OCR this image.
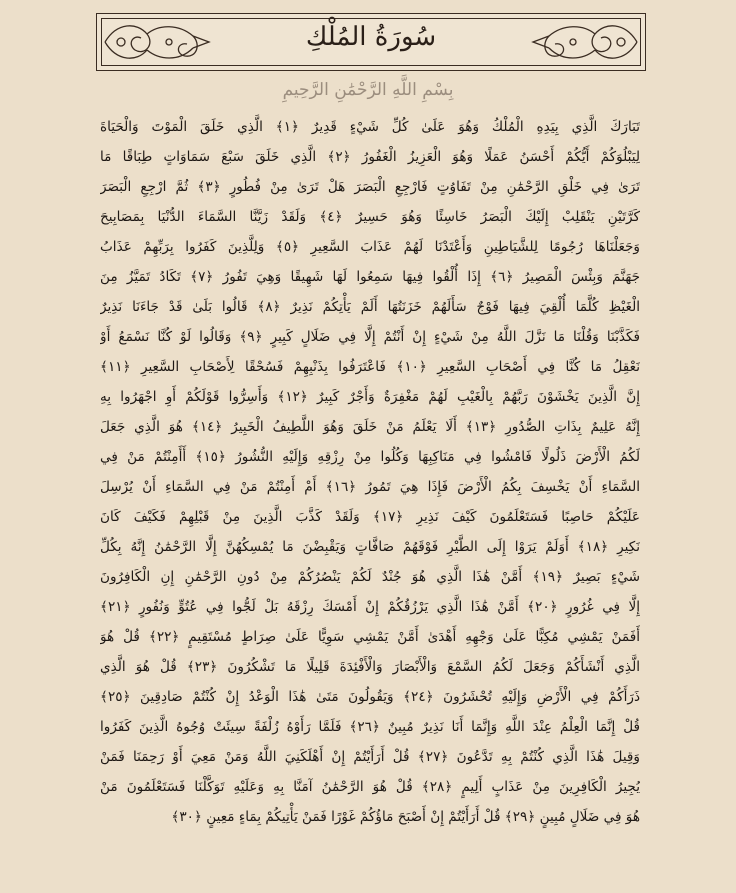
سُورَةُ المُلْكِ
بِسْمِ اللَّهِ الرَّحْمَٰنِ الرَّحِيمِ
تَبَارَكَ الَّذِي بِيَدِهِ الْمُلْكُ وَهُوَ عَلَىٰ كُلِّ شَيْءٍ قَدِيرٌ ﴿١﴾ الَّذِي خَلَقَ الْمَوْتَ وَالْحَيَاةَ
لِيَبْلُوَكُمْ أَيُّكُمْ أَحْسَنُ عَمَلًا وَهُوَ الْعَزِيزُ الْغَفُورُ ﴿٢﴾ الَّذِي خَلَقَ سَبْعَ سَمَاوَاتٍ طِبَاقًا مَا
تَرَىٰ فِي خَلْقِ الرَّحْمَٰنِ مِنْ تَفَاوُتٍ فَارْجِعِ الْبَصَرَ هَلْ تَرَىٰ مِنْ فُطُورٍ ﴿٣﴾ ثُمَّ ارْجِعِ الْبَصَرَ
كَرَّتَيْنِ يَنْقَلِبْ إِلَيْكَ الْبَصَرُ خَاسِئًا وَهُوَ حَسِيرٌ ﴿٤﴾ وَلَقَدْ زَيَّنَّا السَّمَاءَ الدُّنْيَا بِمَصَابِيحَ
وَجَعَلْنَاهَا رُجُومًا لِلشَّيَاطِينِ وَأَعْتَدْنَا لَهُمْ عَذَابَ السَّعِيرِ ﴿٥﴾ وَلِلَّذِينَ كَفَرُوا بِرَبِّهِمْ عَذَابُ
جَهَنَّمَ وَبِئْسَ الْمَصِيرُ ﴿٦﴾ إِذَا أُلْقُوا فِيهَا سَمِعُوا لَهَا شَهِيقًا وَهِيَ تَفُورُ ﴿٧﴾ تَكَادُ تَمَيَّزُ مِنَ
الْغَيْظِ كُلَّمَا أُلْقِيَ فِيهَا فَوْجٌ سَأَلَهُمْ خَزَنَتُهَا أَلَمْ يَأْتِكُمْ نَذِيرٌ ﴿٨﴾ قَالُوا بَلَىٰ قَدْ جَاءَنَا نَذِيرٌ
فَكَذَّبْنَا وَقُلْنَا مَا نَزَّلَ اللَّهُ مِنْ شَيْءٍ إِنْ أَنْتُمْ إِلَّا فِي ضَلَالٍ كَبِيرٍ ﴿٩﴾ وَقَالُوا لَوْ كُنَّا نَسْمَعُ أَوْ
نَعْقِلُ مَا كُنَّا فِي أَصْحَابِ السَّعِيرِ ﴿١٠﴾ فَاعْتَرَفُوا بِذَنْبِهِمْ فَسُحْقًا لِأَصْحَابِ السَّعِيرِ ﴿١١﴾
إِنَّ الَّذِينَ يَخْشَوْنَ رَبَّهُمْ بِالْغَيْبِ لَهُمْ مَغْفِرَةٌ وَأَجْرٌ كَبِيرٌ ﴿١٢﴾ وَأَسِرُّوا قَوْلَكُمْ أَوِ اجْهَرُوا بِهِ
إِنَّهُ عَلِيمٌ بِذَاتِ الصُّدُورِ ﴿١٣﴾ أَلَا يَعْلَمُ مَنْ خَلَقَ وَهُوَ اللَّطِيفُ الْخَبِيرُ ﴿١٤﴾ هُوَ الَّذِي جَعَلَ
لَكُمُ الْأَرْضَ ذَلُولًا فَامْشُوا فِي مَنَاكِبِهَا وَكُلُوا مِنْ رِزْقِهِ وَإِلَيْهِ النُّشُورُ ﴿١٥﴾ أَأَمِنْتُمْ مَنْ فِي
السَّمَاءِ أَنْ يَخْسِفَ بِكُمُ الْأَرْضَ فَإِذَا هِيَ تَمُورُ ﴿١٦﴾ أَمْ أَمِنْتُمْ مَنْ فِي السَّمَاءِ أَنْ يُرْسِلَ
عَلَيْكُمْ حَاصِبًا فَسَتَعْلَمُونَ كَيْفَ نَذِيرِ ﴿١٧﴾ وَلَقَدْ كَذَّبَ الَّذِينَ مِنْ قَبْلِهِمْ فَكَيْفَ كَانَ
نَكِيرِ ﴿١٨﴾ أَوَلَمْ يَرَوْا إِلَى الطَّيْرِ فَوْقَهُمْ صَافَّاتٍ وَيَقْبِضْنَ مَا يُمْسِكُهُنَّ إِلَّا الرَّحْمَٰنُ إِنَّهُ بِكُلِّ
شَيْءٍ بَصِيرٌ ﴿١٩﴾ أَمَّنْ هَٰذَا الَّذِي هُوَ جُنْدٌ لَكُمْ يَنْصُرُكُمْ مِنْ دُونِ الرَّحْمَٰنِ إِنِ الْكَافِرُونَ
إِلَّا فِي غُرُورٍ ﴿٢٠﴾ أَمَّنْ هَٰذَا الَّذِي يَرْزُقُكُمْ إِنْ أَمْسَكَ رِزْقَهُ بَلْ لَجُّوا فِي عُتُوٍّ وَنُفُورٍ ﴿٢١﴾
أَفَمَنْ يَمْشِي مُكِبًّا عَلَىٰ وَجْهِهِ أَهْدَىٰ أَمَّنْ يَمْشِي سَوِيًّا عَلَىٰ صِرَاطٍ مُسْتَقِيمٍ ﴿٢٢﴾ قُلْ هُوَ
الَّذِي أَنْشَأَكُمْ وَجَعَلَ لَكُمُ السَّمْعَ وَالْأَبْصَارَ وَالْأَفْئِدَةَ قَلِيلًا مَا تَشْكُرُونَ ﴿٢٣﴾ قُلْ هُوَ الَّذِي
ذَرَأَكُمْ فِي الْأَرْضِ وَإِلَيْهِ تُحْشَرُونَ ﴿٢٤﴾ وَيَقُولُونَ مَتَىٰ هَٰذَا الْوَعْدُ إِنْ كُنْتُمْ صَادِقِينَ ﴿٢٥﴾
قُلْ إِنَّمَا الْعِلْمُ عِنْدَ اللَّهِ وَإِنَّمَا أَنَا نَذِيرٌ مُبِينٌ ﴿٢٦﴾ فَلَمَّا رَأَوْهُ زُلْفَةً سِيئَتْ وُجُوهُ الَّذِينَ كَفَرُوا
وَقِيلَ هَٰذَا الَّذِي كُنْتُمْ بِهِ تَدَّعُونَ ﴿٢٧﴾ قُلْ أَرَأَيْتُمْ إِنْ أَهْلَكَنِيَ اللَّهُ وَمَنْ مَعِيَ أَوْ رَحِمَنَا فَمَنْ
يُجِيرُ الْكَافِرِينَ مِنْ عَذَابٍ أَلِيمٍ ﴿٢٨﴾ قُلْ هُوَ الرَّحْمَٰنُ آمَنَّا بِهِ وَعَلَيْهِ تَوَكَّلْنَا فَسَتَعْلَمُونَ مَنْ
هُوَ فِي ضَلَالٍ مُبِينٍ ﴿٢٩﴾ قُلْ أَرَأَيْتُمْ إِنْ أَصْبَحَ مَاؤُكُمْ غَوْرًا فَمَنْ يَأْتِيكُمْ بِمَاءٍ مَعِينٍ ﴿٣٠﴾
